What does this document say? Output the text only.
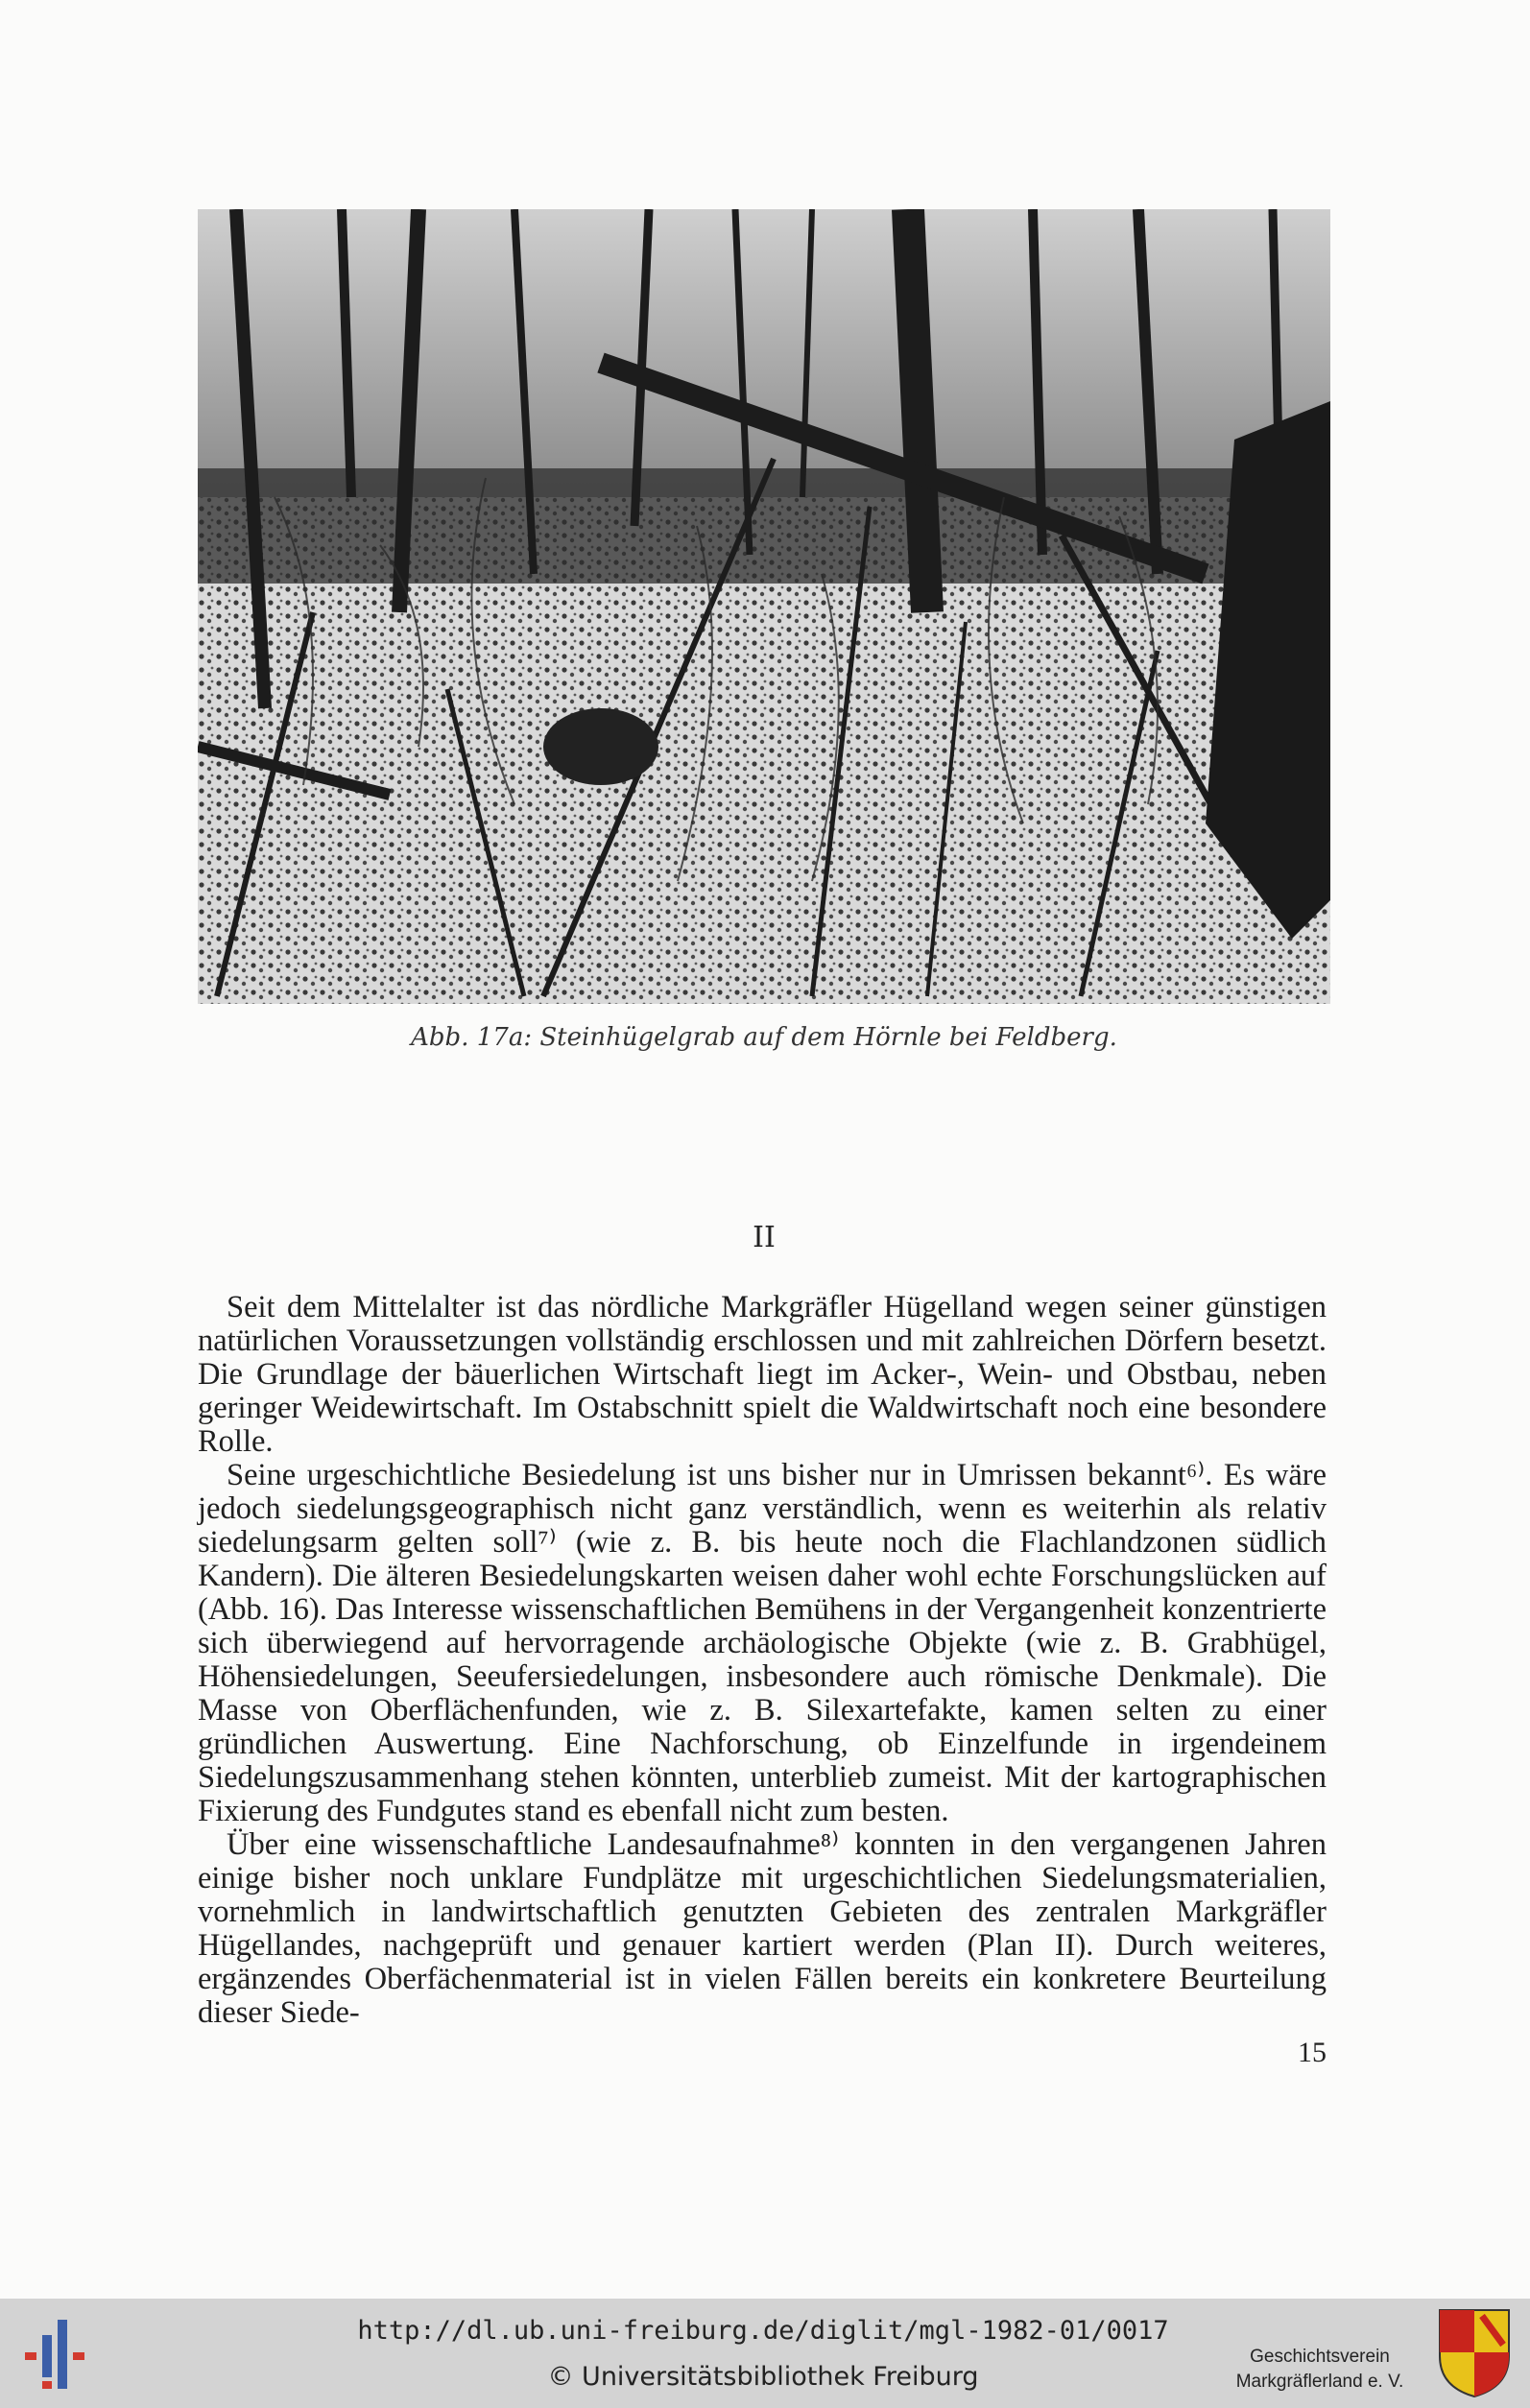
Abb. 17a: Steinhügelgrab auf dem Hörnle bei Feldberg.
II

Seit dem Mittelalter ist das nördliche Markgräfler Hügelland wegen seiner günstigen natürlichen Voraussetzungen vollständig erschlossen und mit zahlreichen Dörfern besetzt. Die Grundlage der bäuerlichen Wirtschaft liegt im Acker-, Wein- und Obstbau, neben geringer Weidewirtschaft. Im Ostabschnitt spielt die Waldwirtschaft noch eine besondere Rolle.

Seine urgeschichtliche Besiedelung ist uns bisher nur in Umrissen bekannt⁶⁾. Es wäre jedoch siedelungsgeographisch nicht ganz verständlich, wenn es weiterhin als relativ siedelungsarm gelten soll⁷⁾ (wie z. B. bis heute noch die Flachlandzonen südlich Kandern). Die älteren Besiedelungskarten weisen daher wohl echte Forschungslücken auf (Abb. 16). Das Interesse wissenschaftlichen Bemühens in der Vergangenheit konzentrierte sich überwiegend auf hervorragende archäologische Objekte (wie z. B. Grabhügel, Höhensiedelungen, Seeufersiedelungen, insbesondere auch römische Denkmale). Die Masse von Oberflächenfunden, wie z. B. Silexartefakte, kamen selten zu einer gründlichen Auswertung. Eine Nachforschung, ob Einzelfunde in irgendeinem Siedelungszusammenhang stehen könnten, unterblieb zumeist. Mit der kartographischen Fixierung des Fundgutes stand es ebenfall nicht zum besten.

Über eine wissenschaftliche Landesaufnahme⁸⁾ konnten in den vergangenen Jahren einige bisher noch unklare Fundplätze mit urgeschichtlichen Siedelungsmaterialien, vornehmlich in landwirtschaftlich genutzten Gebieten des zentralen Markgräfler Hügellandes, nachgeprüft und genauer kartiert werden (Plan II). Durch weiteres, ergänzendes Oberfächenmaterial ist in vielen Fällen bereits ein konkretere Beurteilung dieser Siede-

15
http://dl.ub.uni-freiburg.de/diglit/mgl-1982-01/0017
© Universitätsbibliothek Freiburg
Geschichtsverein
Markgräflerland e. V.
